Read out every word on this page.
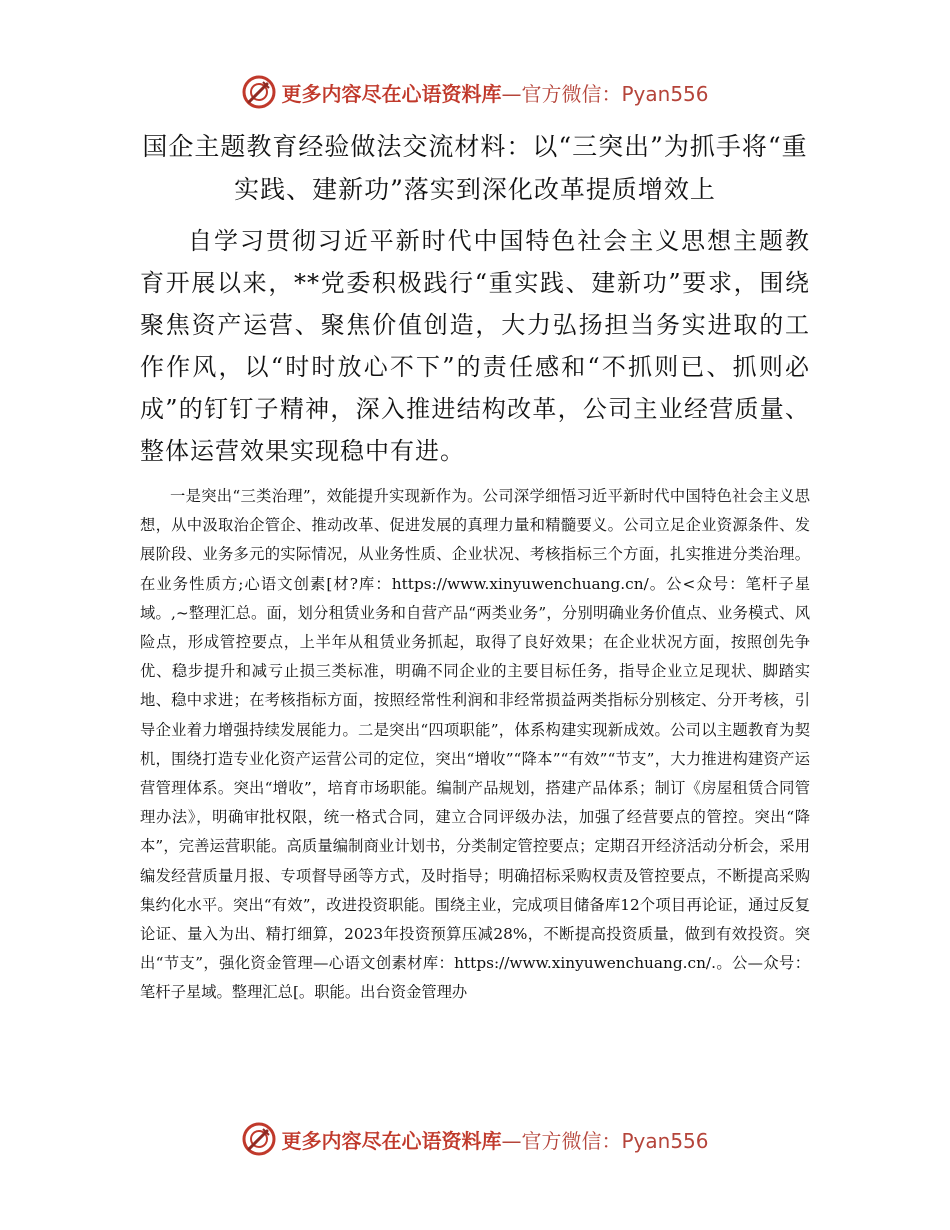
更多内容尽在心语资料库—官方微信：Pyan556
国企主题教育经验做法交流材料：以“三突出”为抓手将“重实践、建新功”落实到深化改革提质增效上
自学习贯彻习近平新时代中国特色社会主义思想主题教育开展以来，**党委积极践行“重实践、建新功”要求，围绕聚焦资产运营、聚焦价值创造，大力弘扬担当务实进取的工作作风，以“时时放心不下”的责任感和“不抓则已、抓则必成”的钉钉子精神，深入推进结构改革，公司主业经营质量、整体运营效果实现稳中有进。
一是突出“三类治理”，效能提升实现新作为。公司深学细悟习近平新时代中国特色社会主义思想，从中汲取治企管企、推动改革、促进发展的真理力量和精髓要义。公司立足企业资源条件、发展阶段、业务多元的实际情况，从业务性质、企业状况、考核指标三个方面，扎实推进分类治理。在业务性质方;心语文创素[材?库：https://www.xinyuwenchuang.cn/。公<众号：笔杆子星域。,~整理汇总。面，划分租赁业务和自营产品“两类业务”，分别明确业务价值点、业务模式、风险点，形成管控要点，上半年从租赁业务抓起，取得了良好效果；在企业状况方面，按照创先争优、稳步提升和减亏止损三类标准，明确不同企业的主要目标任务，指导企业立足现状、脚踏实地、稳中求进；在考核指标方面，按照经常性利润和非经常损益两类指标分别核定、分开考核，引导企业着力增强持续发展能力。二是突出“四项职能”，体系构建实现新成效。公司以主题教育为契机，围绕打造专业化资产运营公司的定位，突出“增收”“降本”“有效”“节支”，大力推进构建资产运营管理体系。突出“增收”，培育市场职能。编制产品规划，搭建产品体系；制订《房屋租赁合同管理办法》，明确审批权限，统一格式合同，建立合同评级办法，加强了经营要点的管控。突出“降本”，完善运营职能。高质量编制商业计划书，分类制定管控要点；定期召开经济活动分析会，采用编发经营质量月报、专项督导函等方式，及时指导；明确招标采购权责及管控要点，不断提高采购集约化水平。突出“有效”，改进投资职能。围绕主业，完成项目储备库12个项目再论证，通过反复论证、量入为出、精打细算，2023年投资预算压减28%，不断提高投资质量，做到有效投资。突出“节支”，强化资金管理—心语文创素材库：https://www.xinyuwenchuang.cn/.。公—众号：笔杆子星域。整理汇总[。职能。出台资金管理办
更多内容尽在心语资料库—官方微信：Pyan556
